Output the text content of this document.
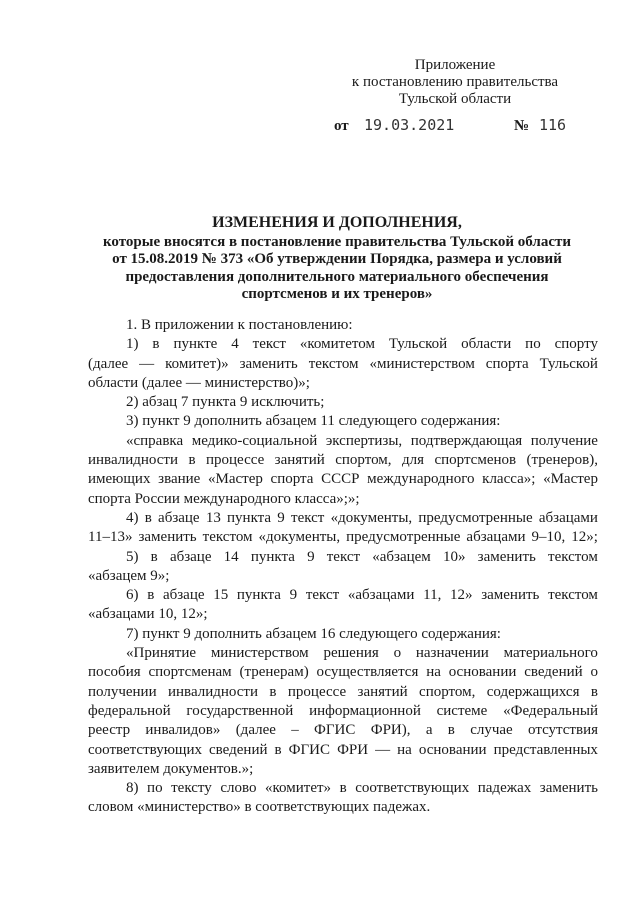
Приложение
к постановлению правительства
Тульской области
от 19.03.2021	№ 116
ИЗМЕНЕНИЯ И ДОПОЛНЕНИЯ,
которые вносятся в постановление правительства Тульской области
от 15.08.2019 № 373 «Об утверждении Порядка, размера и условий
предоставления дополнительного материального обеспечения
спортсменов и их тренеров»
1. В приложении к постановлению:
1) в пункте 4 текст «комитетом Тульской области по спорту
(далее — комитет)» заменить текстом «министерством спорта Тульской
области (далее — министерство)»;
2) абзац 7 пункта 9 исключить;
3) пункт 9 дополнить абзацем 11 следующего содержания:
«справка медико-социальной экспертизы, подтверждающая получение
инвалидности в процессе занятий спортом, для спортсменов (тренеров),
имеющих звание «Мастер спорта СССР международного класса»; «Мастер
спорта России международного класса»;»;
4) в абзаце 13 пункта 9 текст «документы, предусмотренные абзацами
11–13» заменить текстом «документы, предусмотренные абзацами 9–10, 12»;
5) в абзаце 14 пункта 9 текст «абзацем 10» заменить текстом
«абзацем 9»;
6) в абзаце 15 пункта 9 текст «абзацами 11, 12» заменить текстом
«абзацами 10, 12»;
7) пункт 9 дополнить абзацем 16 следующего содержания:
«Принятие министерством решения о назначении материального
пособия спортсменам (тренерам) осуществляется на основании сведений о
получении инвалидности в процессе занятий спортом, содержащихся в
федеральной государственной информационной системе «Федеральный
реестр инвалидов» (далее – ФГИС ФРИ), а в случае отсутствия
соответствующих сведений в ФГИС ФРИ — на основании представленных
заявителем документов.»;
8) по тексту слово «комитет» в соответствующих падежах заменить
словом «министерство» в соответствующих падежах.
